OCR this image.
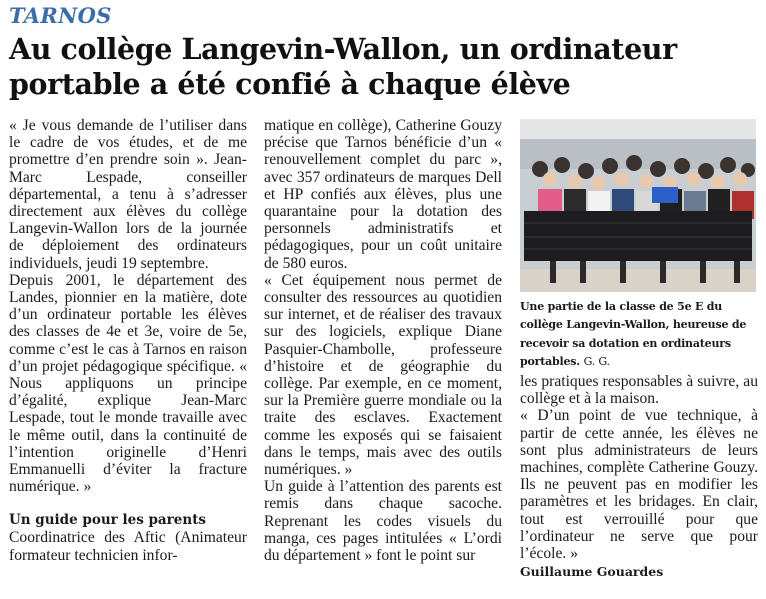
TARNOS
Au collège Langevin-Wallon, un ordinateur portable a été confié à chaque élève

« Je vous demande de l’utiliser dans le cadre de vos études, et de me promettre d’en prendre soin ». Jean-Marc Lespade, conseiller départemental, a tenu à s’adresser directement aux élèves du collège Langevin-Wallon lors de la journée de déploiement des ordinateurs individuels, jeudi 19 septembre.

Depuis 2001, le département des Landes, pionnier en la matière, dote d’un ordinateur portable les élèves des classes de 4e et 3e, voire de 5e, comme c’est le cas à Tarnos en raison d’un projet pédagogique spécifique. « Nous appliquons un principe d’égalité, explique Jean-Marc Lespade, tout le monde travaille avec le même outil, dans la continuité de l’intention originelle d’Henri Emmanuelli d’éviter la fracture numérique. »

Un guide pour les parents

Coordinatrice des Aftic (Animateur formateur technicien infor-

matique en collège), Catherine Gouzy précise que Tarnos bénéficie d’un « renouvellement complet du parc », avec 357 ordinateurs de marques Dell et HP confiés aux élèves, plus une quarantaine pour la dotation des personnels administratifs et pédagogiques, pour un coût unitaire de 580 euros.

« Cet équipement nous permet de consulter des ressources au quotidien sur internet, et de réaliser des travaux sur des logiciels, explique Diane Pasquier-Chambolle, professeure d’histoire et de géographie du collège. Par exemple, en ce moment, sur la Première guerre mondiale ou la traite des esclaves. Exactement comme les exposés qui se faisaient dans le temps, mais avec des outils numériques. »

Un guide à l’attention des parents est remis dans chaque sacoche. Reprenant les codes visuels du manga, ces pages intitulées « L’ordi du département » font le point sur

Une partie de la classe de 5e E du collège Langevin-Wallon, heureuse de recevoir sa dotation en ordinateurs portables. G. G.

les pratiques responsables à suivre, au collège et à la maison.

« D’un point de vue technique, à partir de cette année, les élèves ne sont plus administrateurs de leurs machines, complète Catherine Gouzy. Ils ne peuvent pas en modifier les paramètres et les bridages. En clair, tout est verrouillé pour que l’ordinateur ne serve que pour l’école. »

Guillaume Gouardes
